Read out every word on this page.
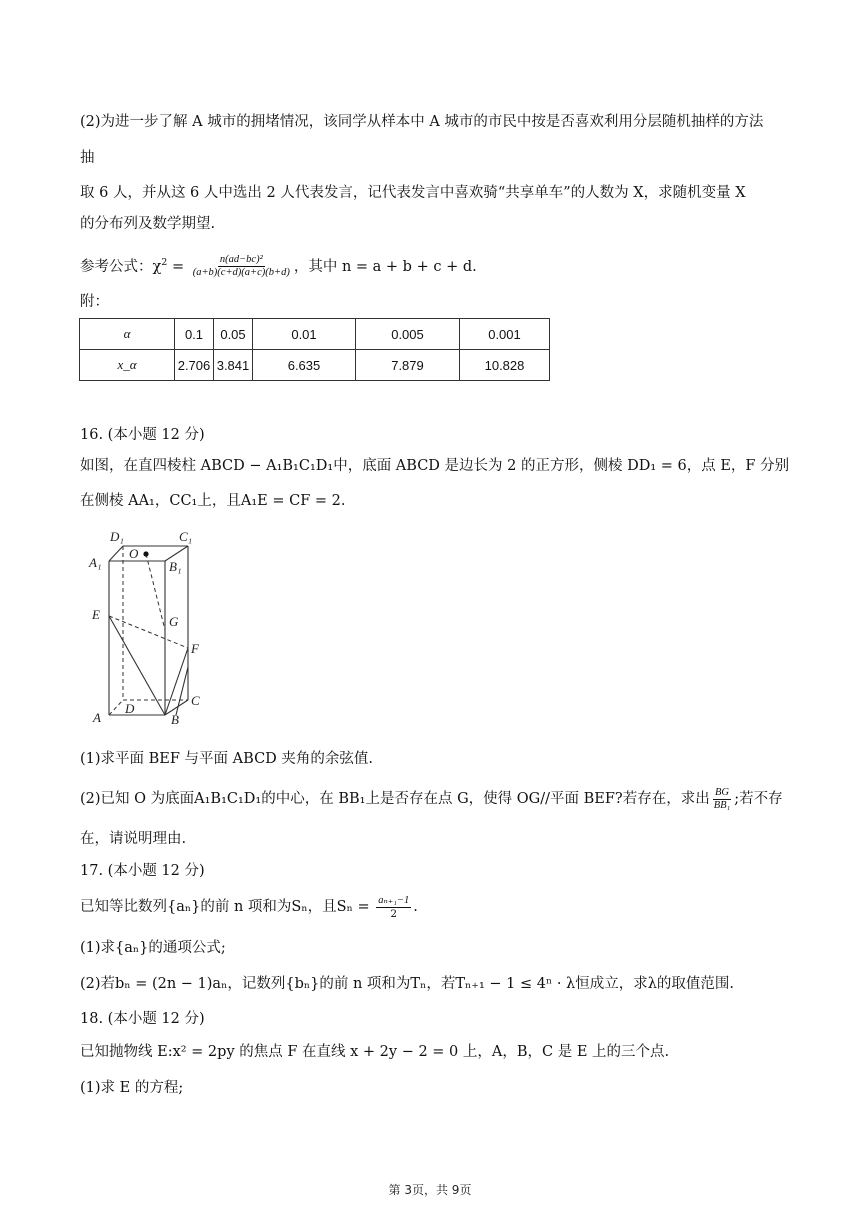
(2)为进一步了解 A 城市的拥堵情况，该同学从样本中 A 城市的市民中按是否喜欢利用分层随机抽样的方法
抽
取 6 人，并从这 6 人中选出 2 人代表发言，记代表发言中喜欢骑“共享单车”的人数为 X，求随机变量 X
的分布列及数学期望.
参考公式：$\chi^2 = \frac{\text{n(ad−bc)²}}{(a+b)(c+d)(a+c)(b+d)}$ ，其中 n = a + b + c + d.
附：
α	0.1	0.05	0.01	0.005	0.001
x_α	2.706	3.841	6.635	7.879	10.828
16. (本小题 12 分)
如图，在直四棱柱 ABCD − A₁B₁C₁D₁中，底面 ABCD 是边长为 2 的正方形，侧棱 DD₁ = 6，点 E，F 分别
在侧棱 AA₁，CC₁上，且A₁E = CF = 2.
D₁	C₁
A₁	B₁
O
E	G
F
A
D
B
C
(1)求平面 BEF 与平面 ABCD 夹角的余弦值.
(2)已知 O 为底面A₁B₁C₁D₁的中心，在 BB₁上是否存在点 G，使得 OG//平面 BEF?若存在，求出 $\frac{BG}{\text{BB₁}}$ ;若不存
在，请说明理由.
17. (本小题 12 分)
已知等比数列{aₙ}的前 n 项和为Sₙ，且$S_n = \frac{\text{aₙ₊₁−1}}{2}$ .
(1)求{aₙ}的通项公式;
(2)若bₙ = (2n − 1)aₙ，记数列{bₙ}的前 n 项和为Tₙ，若Tₙ₊₁ − 1 ≤ 4ⁿ · λ恒成立，求λ的取值范围.
18. (本小题 12 分)
已知抛物线 E:x² = 2py 的焦点 F 在直线 x + 2y − 2 = 0 上，A，B，C 是 E 上的三个点.
(1)求 E 的方程;
第 3页，共 9页
